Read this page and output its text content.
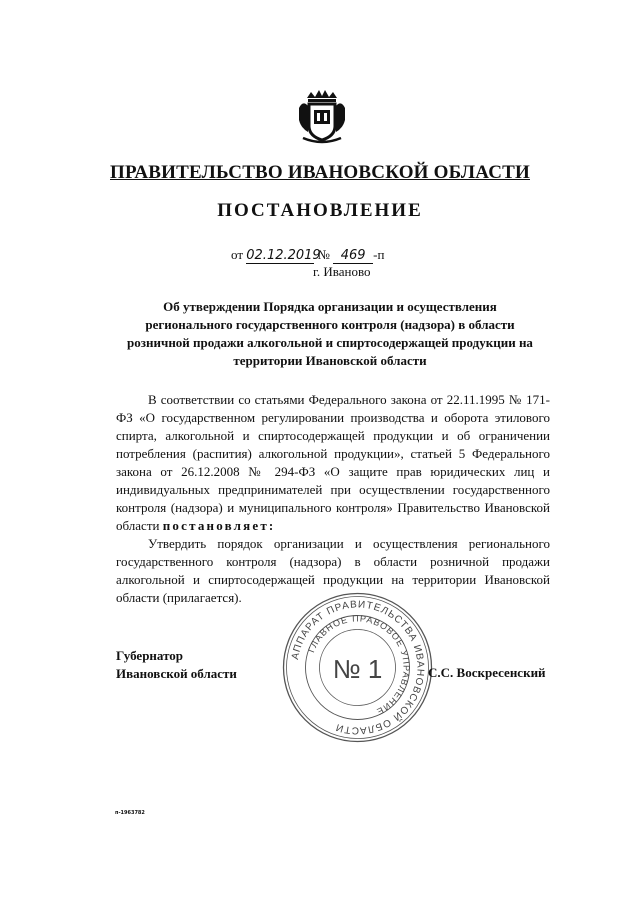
ПРАВИТЕЛЬСТВО ИВАНОВСКОЙ ОБЛАСТИ
ПОСТАНОВЛЕНИЕ
от 02.12.2019 № 469 -п
г. Иваново
Об утверждении Порядка организации и осуществления регионального государственного контроля (надзора) в области розничной продажи алкогольной и спиртосодержащей продукции на территории Ивановской области
В соответствии со статьями Федерального закона от 22.11.1995 № 171-ФЗ «О государственном регулировании производства и оборота этилового спирта, алкогольной и спиртосодержащей продукции и об ограничении потребления (распития) алкогольной продукции», статьей 5 Федерального закона от 26.12.2008 № 294-ФЗ «О защите прав юридических лиц и индивидуальных предпринимателей при осуществлении государственного контроля (надзора) и муниципального контроля» Правительство Ивановской области постановляет:
Утвердить порядок организации и осуществления регионального государственного контроля (надзора) в области розничной продажи алкогольной и спиртосодержащей продукции на территории Ивановской области (прилагается).
АППАРАТ ПРАВИТЕЛЬСТВА ИВАНОВСКОЙ ОБЛАСТИ
ГЛАВНОЕ ПРАВОВОЕ УПРАВЛЕНИЕ
№ 1
Губернатор
Ивановской области	С.С. Воскресенский
п-1963782
